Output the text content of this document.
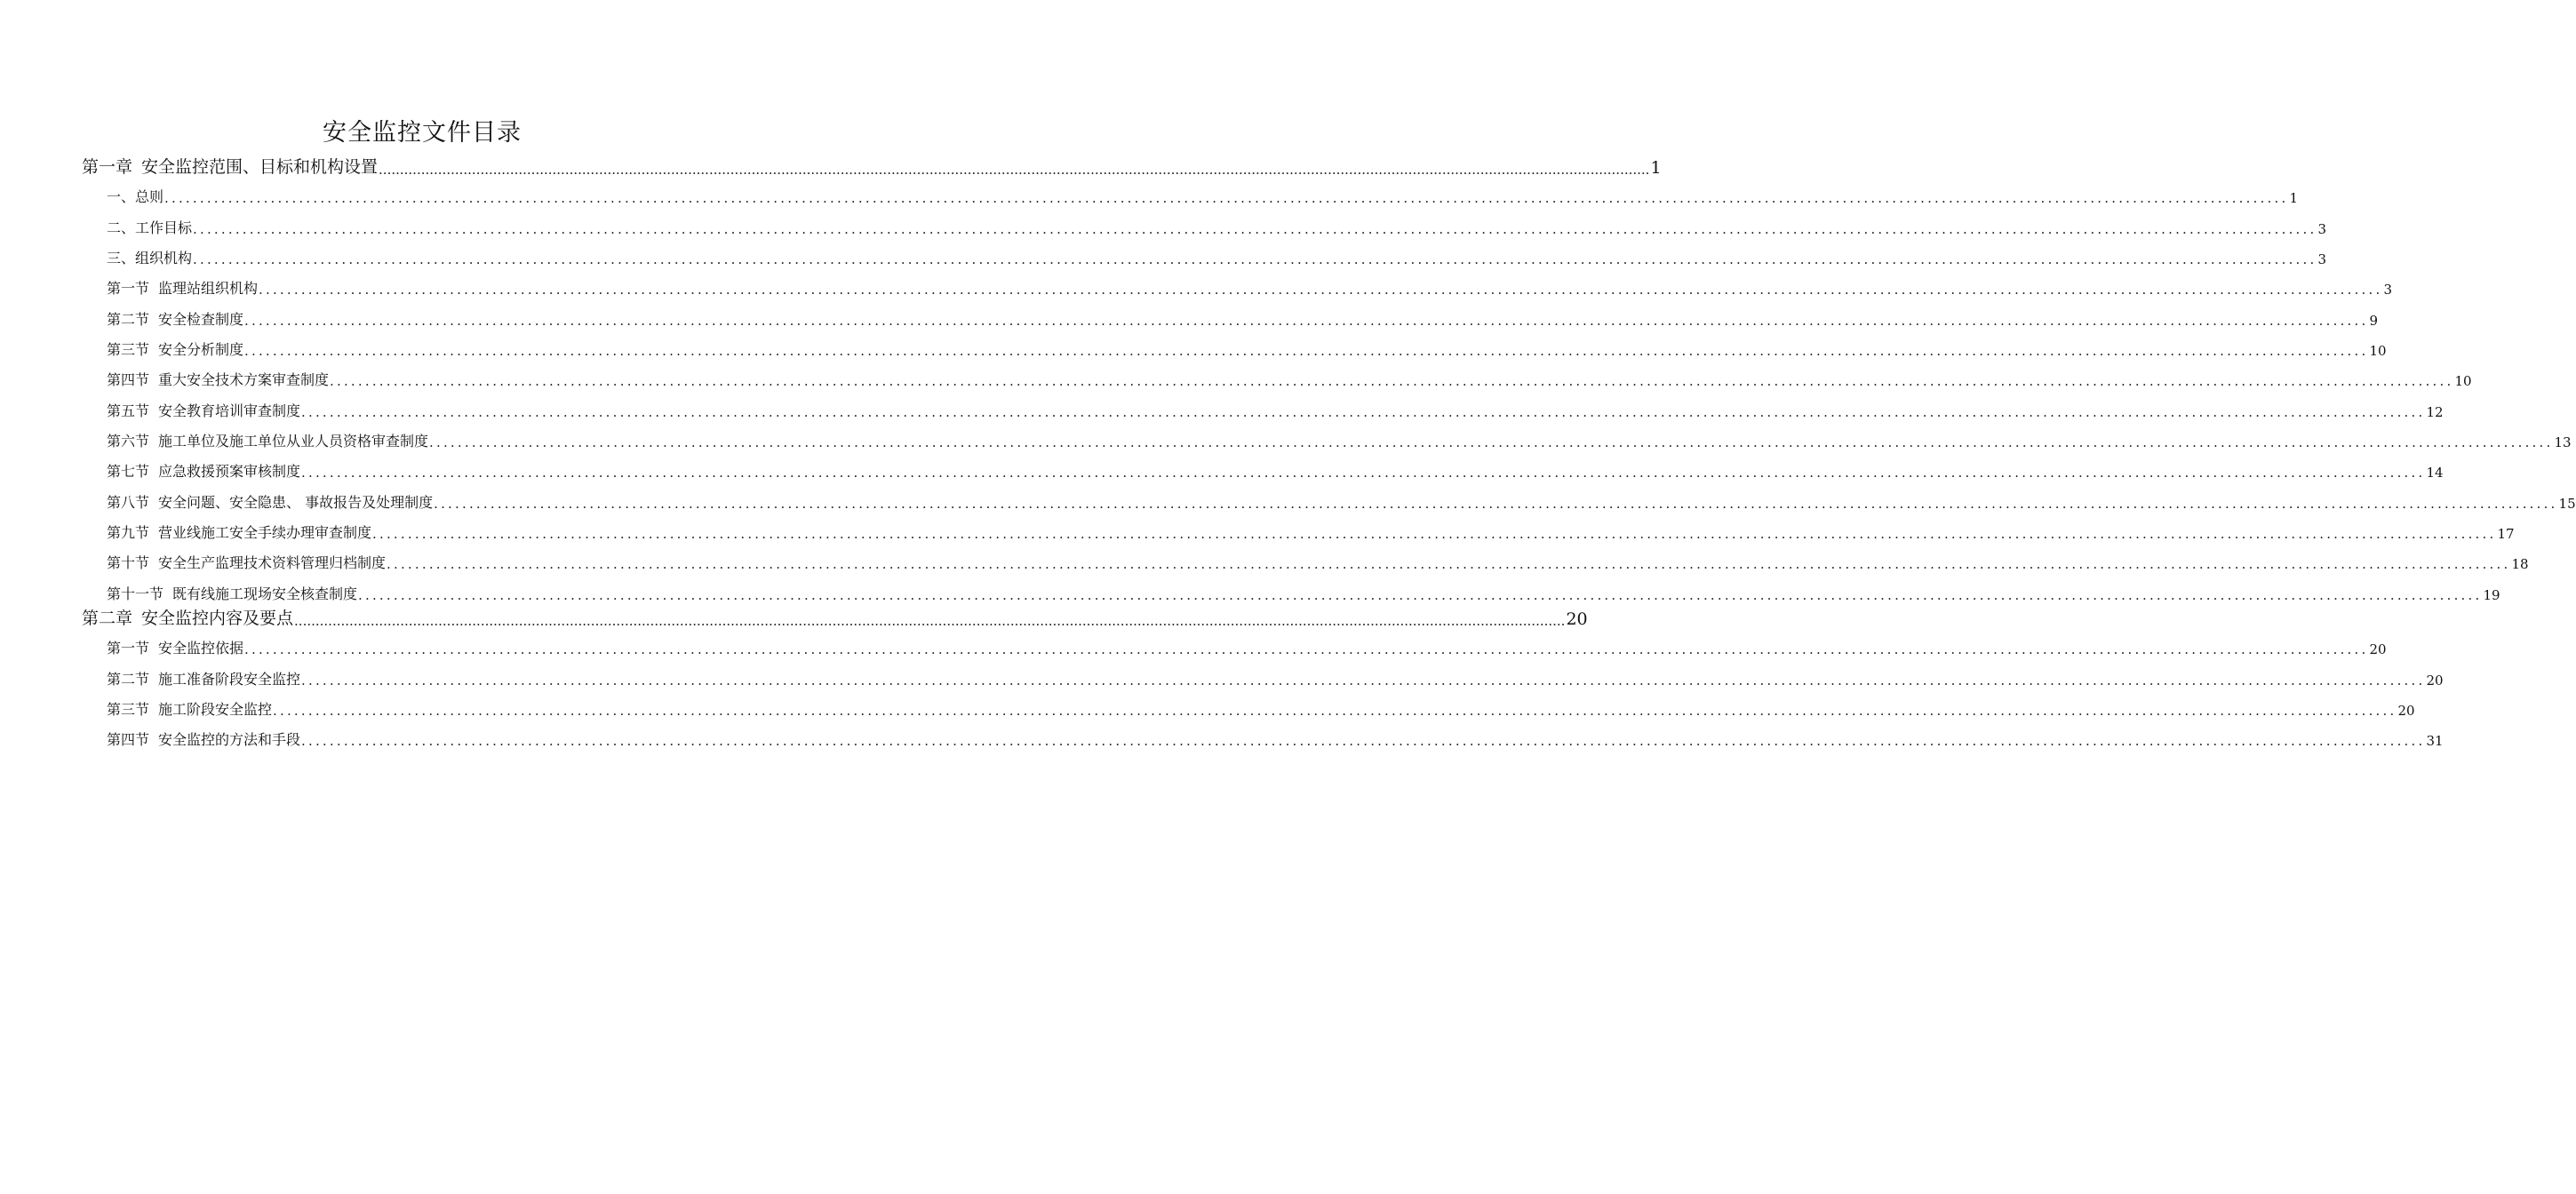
安全监控文件目录
第一章 安全监控范围、目标和机构设置 ............................................................................................................................................................................................................................................................................................................ 1
一、总则 ............................................................................................................................................................................................................................................................................................................ 1
二、工作目标 ............................................................................................................................................................................................................................................................................................................ 3
三、组织机构 ............................................................................................................................................................................................................................................................................................................ 3
第一节 监理站组织机构 ............................................................................................................................................................................................................................................................................................................ 3
第二节 安全检查制度 ............................................................................................................................................................................................................................................................................................................ 9
第三节 安全分析制度 ............................................................................................................................................................................................................................................................................................................ 10
第四节 重大安全技术方案审查制度 ............................................................................................................................................................................................................................................................................................................ 10
第五节 安全教育培训审查制度 ............................................................................................................................................................................................................................................................................................................ 12
第六节 施工单位及施工单位从业人员资格审查制度 ............................................................................................................................................................................................................................................................................................................ 13
第七节 应急救援预案审核制度 ............................................................................................................................................................................................................................................................................................................ 14
第八节 安全问题、安全隐患、 事故报告及处理制度 ............................................................................................................................................................................................................................................................................................................ 15
第九节 营业线施工安全手续办理审查制度 ............................................................................................................................................................................................................................................................................................................ 17
第十节 安全生产监理技术资料管理归档制度 ............................................................................................................................................................................................................................................................................................................ 18
第十一节 既有线施工现场安全核查制度 ............................................................................................................................................................................................................................................................................................................ 19
第二章 安全监控内容及要点 ............................................................................................................................................................................................................................................................................................................ 20
第一节 安全监控依据 ............................................................................................................................................................................................................................................................................................................ 20
第二节 施工准备阶段安全监控 ............................................................................................................................................................................................................................................................................................................ 20
第三节 施工阶段安全监控 ............................................................................................................................................................................................................................................................................................................ 20
第四节 安全监控的方法和手段 ............................................................................................................................................................................................................................................................................................................ 31
